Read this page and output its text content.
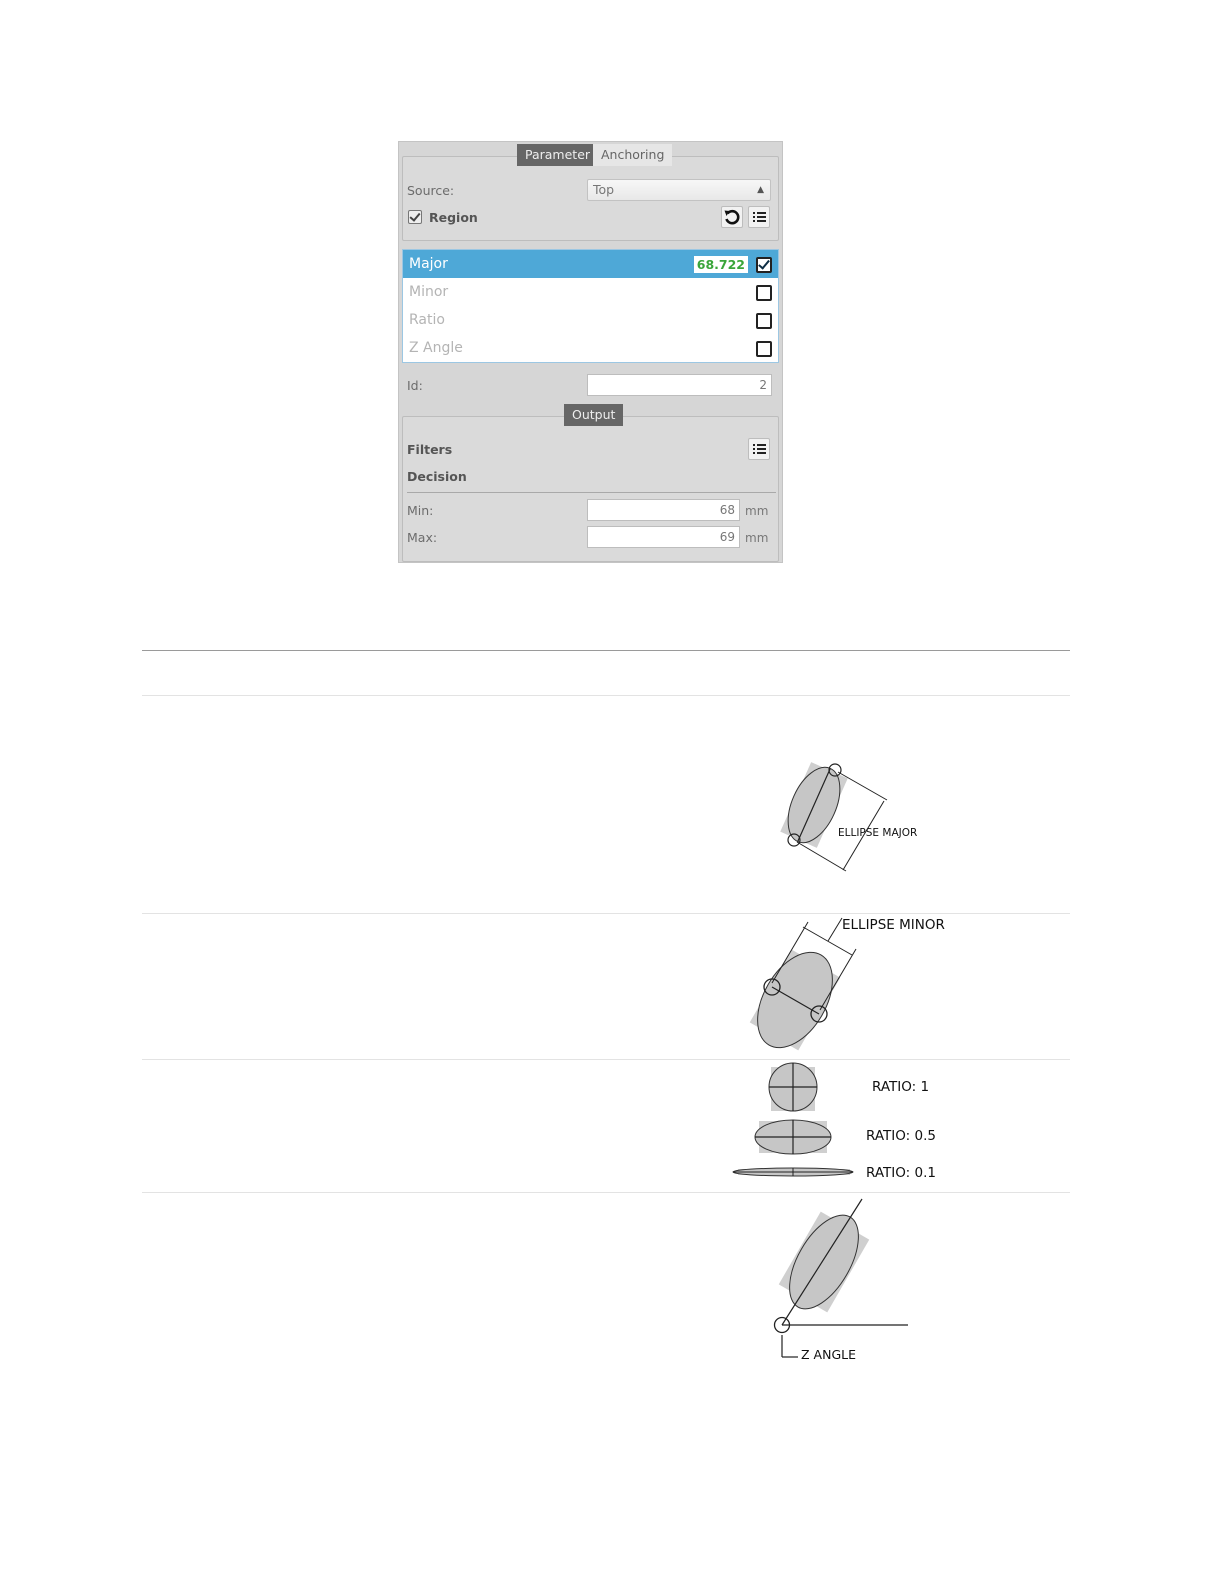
Parameter Anchoring
Source:	Top	▲

Region
Major	68.722
Minor
Ratio
Z Angle
Id:	2
Output
Filters
Decision
Min:	68 mm
Max:	69 mm
ELLIPSE MAJOR
ELLIPSE MINOR
RATIO: 1
RATIO: 0.5
RATIO: 0.1
Z ANGLE
